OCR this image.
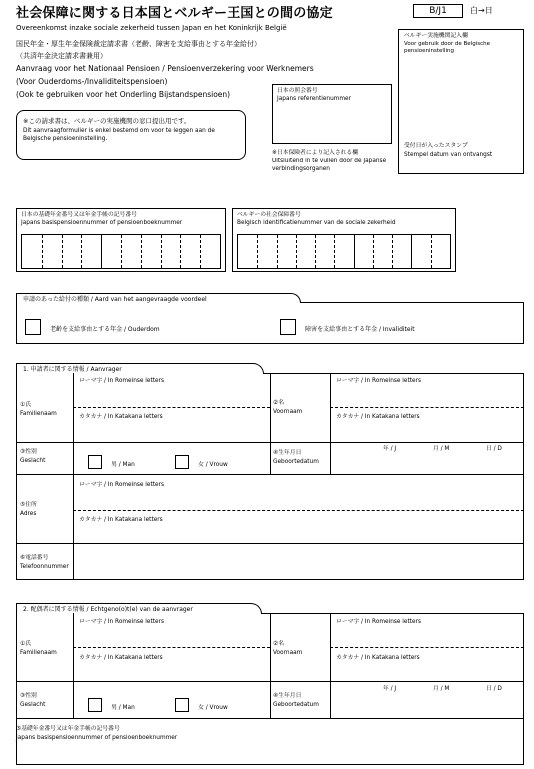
社会保障に関する日本国とベルギー王国との間の協定	B/J1	白→日
Overeenkomst inzake sociale zekerheid tussen Japan en het Koninkrijk België
国民年金・厚生年金保険裁定請求書（老齢、障害を支給事由とする年金給付）
（共済年金決定請求書兼用）
Aanvraag voor het Nationaal Pensioen / Pensioenverzekering voor Werknemers
(Voor Ouderdoms-/Invaliditeitspensioen)
(Ook te gebruiken voor het Onderling Bijstandspensioen)
※この請求書は、ベルギーの実施機関の窓口提出用です。
Dit aanvraagformulier is enkel bestemd om voor te leggen aan de Belgische pensioeninstelling.
日本の照会番号
Japans referentienummer
※日本保険者により記入される欄
Uitsluitend in te vullen door de Japanse verbindingsorganen
ベルギー実施機関記入欄
Voor gebruik door de Belgische pensioeninstelling
受付日が入ったスタンプ
Stempel datum van ontvangst
日本の基礎年金番号又は年金手帳の記号番号
Japans basispensioennummer of pensioenboeknummer
ベルギーの社会保障番号
Belgisch identificatienummer van de sociale zekerheid
申請のあった給付の種類 / Aard van het aangevraagde voordeel
老齢を支給事由とする年金 / Ouderdom	障害を支給事由とする年金 / Invaliditeit
1. 申請者に関する情報 / Aanvrager
①氏
Familienaam
ローマ字 / In Romeinse letters
カタカナ / In Katakana letters
②名
Voornaam
ローマ字 / In Romeinse letters
カタカナ / In Katakana letters
③性別
Geslacht
男 / Man	女 / Vrouw
④生年月日
Geboortedatum
年 / J	月 / M	日 / D
⑤住所
Adres
ローマ字 / In Romeinse letters
カタカナ / In Katakana letters
⑥電話番号
Telefoonnummer
2. 配偶者に関する情報 / Echtgeno(o)t(e) van de aanvrager
①氏
Familienaam
ローマ字 / In Romeinse letters
カタカナ / In Katakana letters
②名
Voornaam
ローマ字 / In Romeinse letters
カタカナ / In Katakana letters
③性別
Geslacht	男 / Man	女 / Vrouw
④生年月日
Geboortedatum
年 / J	月 / M	日 / D
⑤基礎年金番号又は年金手帳の記号番号
Japans basispensioennummer of pensioenboeknummer
